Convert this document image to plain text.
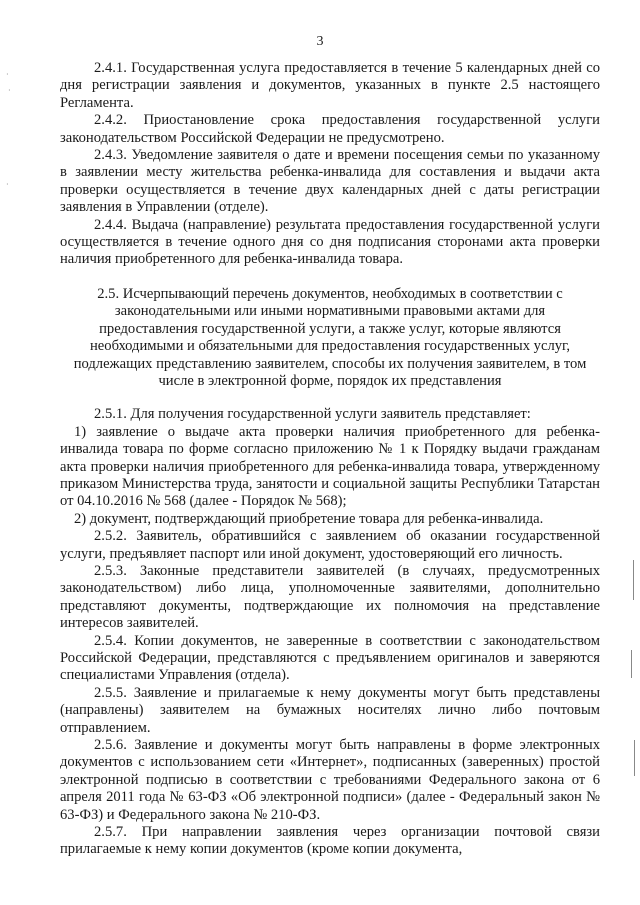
3
·
·
·

2.4.1. Государственная услуга предоставляется в течение 5 календарных дней со дня регистрации заявления и документов, указанных в пункте 2.5 настоящего Регламента.

2.4.2. Приостановление срока предоставления государственной услуги законодательством Российской Федерации не предусмотрено.

2.4.3. Уведомление заявителя о дате и времени посещения семьи по указанному в заявлении месту жительства ребенка-инвалида для составления и выдачи акта проверки осуществляется в течение двух календарных дней с даты регистрации заявления в Управлении (отделе).

2.4.4. Выдача (направление) результата предоставления государственной услуги осуществляется в течение одного дня со дня подписания сторонами акта проверки наличия приобретенного для ребенка-инвалида товара.

2.5. Исчерпывающий перечень документов, необходимых в соответствии с законодательными или иными нормативными правовыми актами для предоставления государственной услуги, а также услуг, которые являются необходимыми и обязательными для предоставления государственных услуг, подлежащих представлению заявителем, способы их получения заявителем, в том числе в электронной форме, порядок их представления

2.5.1. Для получения государственной услуги заявитель представляет:

1) заявление о выдаче акта проверки наличия приобретенного для ребенка-инвалида товара по форме согласно приложению № 1 к Порядку выдачи гражданам акта проверки наличия приобретенного для ребенка-инвалида товара, утвержденному приказом Министерства труда, занятости и социальной защиты Республики Татарстан от 04.10.2016 № 568 (далее - Порядок № 568);

2) документ, подтверждающий приобретение товара для ребенка-инвалида.

2.5.2. Заявитель, обратившийся с заявлением об оказании государственной услуги, предъявляет паспорт или иной документ, удостоверяющий его личность.

2.5.3. Законные представители заявителей (в случаях, предусмотренных законодательством) либо лица, уполномоченные заявителями, дополнительно представляют документы, подтверждающие их полномочия на представление интересов заявителей.

2.5.4. Копии документов, не заверенные в соответствии с законодательством Российской Федерации, представляются с предъявлением оригиналов и заверяются специалистами Управления (отдела).

2.5.5. Заявление и прилагаемые к нему документы могут быть представлены (направлены) заявителем на бумажных носителях лично либо почтовым отправлением.

2.5.6. Заявление и документы могут быть направлены в форме электронных документов с использованием сети «Интернет», подписанных (заверенных) простой электронной подписью в соответствии с требованиями Федерального закона от 6 апреля 2011 года № 63-ФЗ «Об электронной подписи» (далее - Федеральный закон № 63-ФЗ) и Федерального закона № 210-ФЗ.

2.5.7. При направлении заявления через организации почтовой связи прилагаемые к нему копии документов (кроме копии документа,
